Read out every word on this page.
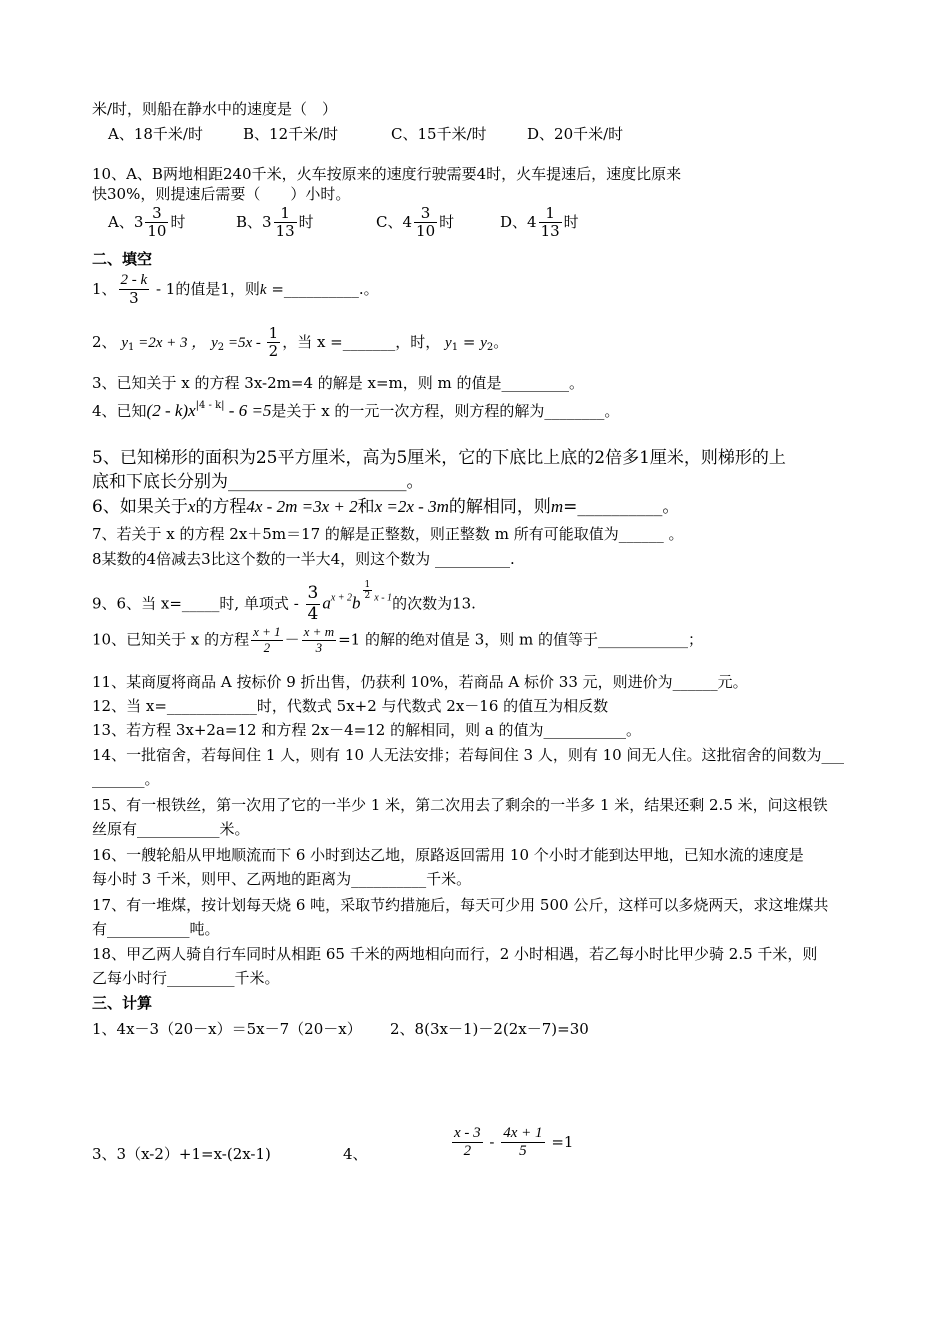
米/时，则船在静水中的速度是（　）
A、18千米/时	B、12千米/时	C、15千米/时	D、20千米/时
10、A、B两地相距240千米，火车按原来的速度行驶需要4时，火车提速后，速度比原来
快30%，则提速后需要（　　）小时。
A、$3 \frac{3}{10}$ 时	B、$3 \frac{1}{13}$ 时	C、$4 \frac{3}{10}$ 时	D、$4 \frac{1}{13}$ 时
二、填空
1、 $\frac{2 - k}{3} - 1$的值是1，则k =__________.。
2、 $y_1 =2x + 3$ ， $y_2 =5x - \frac{1}{2}$ ，当 x =_______，时， $y_1 = y_2$。
3、已知关于 x 的方程 3x-2m=4 的解是 x=m，则 m 的值是_________。
4、已知$(2 - k)x^{|4 - k|} - 6 =5$是关于 x 的一元一次方程，则方程的解为________。
5、已知梯形的面积为25平方厘米，高为5厘米，它的下底比上底的2倍多1厘米，则梯形的上
底和下底长分别为_____________________。
6、如果关于x的方程4x - 2m =3x + 2和x =2x - 3m的解相同，则m=__________。
7、若关于 x 的方程 2x＋5m＝17 的解是正整数，则正整数 m 所有可能取值为______ 。
8某数的4倍减去3比这个数的一半大4，则这个数为 __________.
9、6、当 x=_____时, 单项式 - $\frac{3}{4} a^{x + 2}b$
$\frac{1}{2} ^{x - 1}$的次数为13.
10、已知关于 x 的方程 $\frac{x + 1}{2} - \frac{x + m}{3} =1$ 的解的绝对值是 3，则 m 的值等于____________；
11、某商厦将商品 A 按标价 9 折出售，仍获利 10%，若商品 A 标价 33 元，则进价为______元。
12、当 x=____________时，代数式 5x+2 与代数式 2x－16 的值互为相反数
13、若方程 3x+2a=12 和方程 2x－4=12 的解相同，则 a 的值为___________。
14、一批宿舍，若每间住 1 人，则有 10 人无法安排；若每间住 3 人，则有 10 间无人住。这批宿舍的间数为___
_______。
15、有一根铁丝，第一次用了它的一半少 1 米，第二次用去了剩余的一半多 1 米，结果还剩 2.5 米，问这根铁
丝原有___________米。
16、一艘轮船从甲地顺流而下 6 小时到达乙地，原路返回需用 10 个小时才能到达甲地，已知水流的速度是
每小时 3 千米，则甲、乙两地的距离为__________千米。
17、有一堆煤，按计划每天烧 6 吨，采取节约措施后，每天可少用 500 公斤，这样可以多烧两天，求这堆煤共
有___________吨。
18、甲乙两人骑自行车同时从相距 65 千米的两地相向而行，2 小时相遇，若乙每小时比甲少骑 2.5 千米，则
乙每小时行_________千米。
三、计算
1、4x－3（20－x）＝5x－7（20－x） 2、8(3x－1)－2(2x－7)=30
3、3（x-2）+1=x-(2x-1)	4、	$\frac{x - 3}{2} - \frac{4x + 1}{5} =1$
